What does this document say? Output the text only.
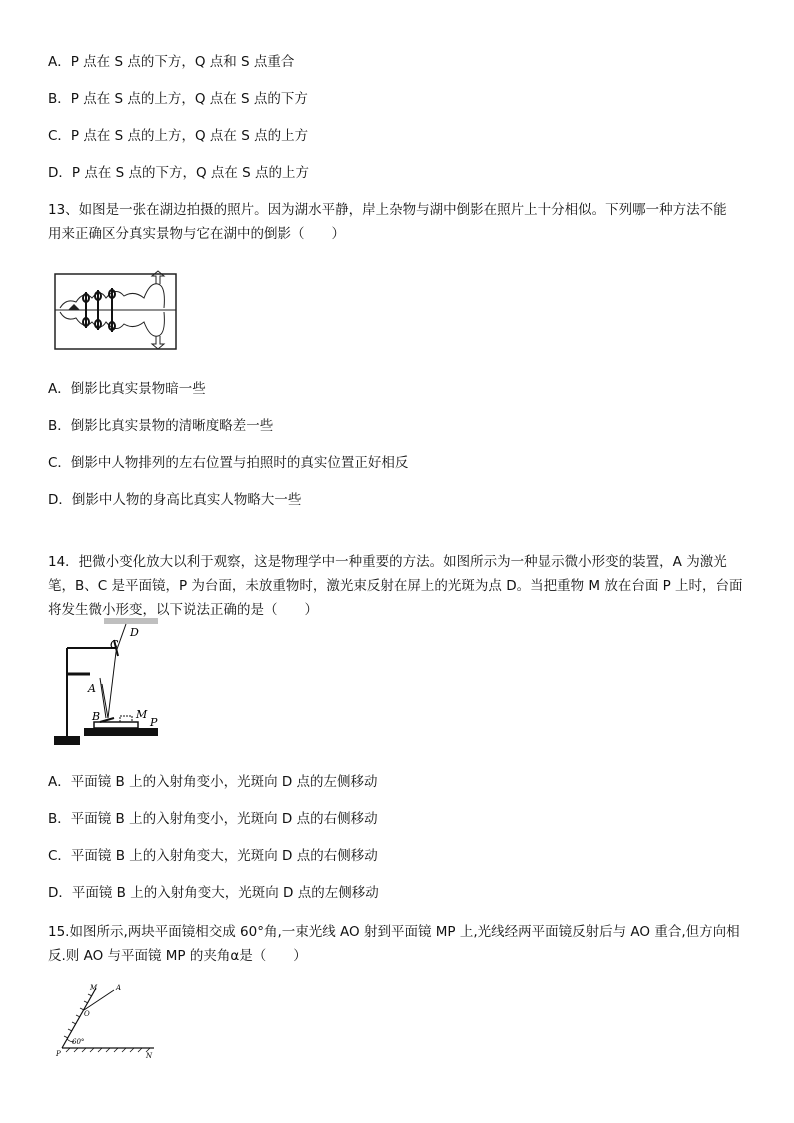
A．P 点在 S 点的下方，Q 点和 S 点重合
B．P 点在 S 点的上方，Q 点在 S 点的下方
C．P 点在 S 点的上方，Q 点在 S 点的上方
D．P 点在 S 点的下方，Q 点在 S 点的上方
13、如图是一张在湖边拍摄的照片。因为湖水平静，岸上杂物与湖中倒影在照片上十分相似。下列哪一种方法不能
用来正确区分真实景物与它在湖中的倒影（　　）
A．倒影比真实景物暗一些
B．倒影比真实景物的清晰度略差一些
C．倒影中人物排列的左右位置与拍照时的真实位置正好相反
D．倒影中人物的身高比真实人物略大一些
14．把微小变化放大以利于观察，这是物理学中一种重要的方法。如图所示为一种显示微小形变的装置，A 为激光
笔，B、C 是平面镜，P 为台面，未放重物时，激光束反射在屏上的光斑为点 D。当把重物 M 放在台面 P 上时，台面
将发生微小形变，以下说法正确的是（　　）
D
C
A
B	M
P
A．平面镜 B 上的入射角变小，光斑向 D 点的左侧移动
B．平面镜 B 上的入射角变小，光斑向 D 点的右侧移动
C．平面镜 B 上的入射角变大，光斑向 D 点的右侧移动
D．平面镜 B 上的入射角变大，光斑向 D 点的左侧移动
15.如图所示,两块平面镜相交成 60°角,一束光线 AO 射到平面镜 MP 上,光线经两平面镜反射后与 AO 重合,但方向相
反.则 AO 与平面镜 MP 的夹角α是（　　）
M	A
O
60°
P	N
